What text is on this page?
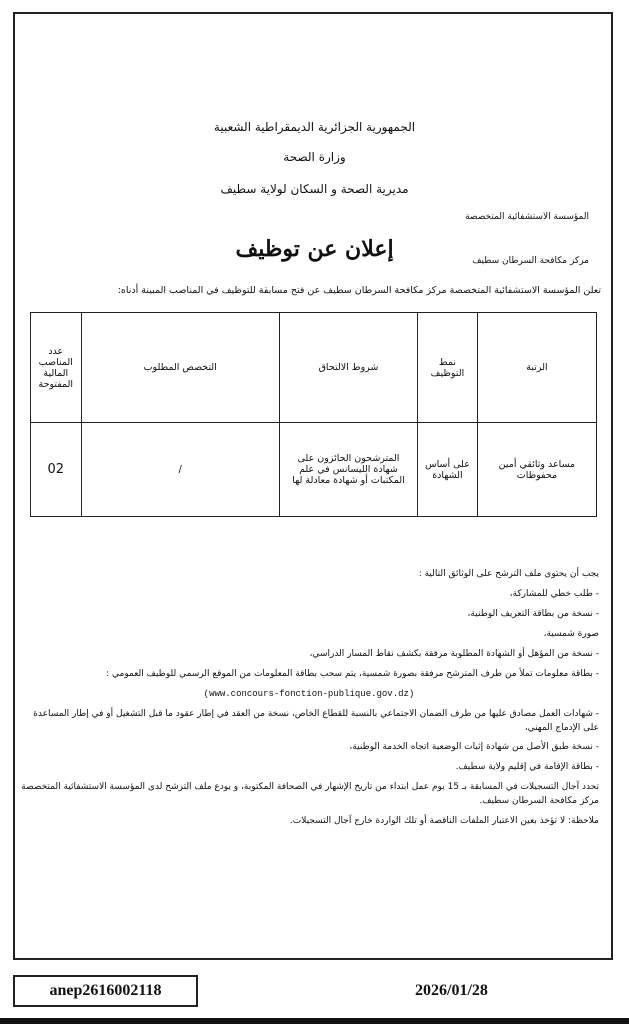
الجمهورية الجزائرية الديمقراطية الشعبية
وزارة الصحة
مديرية الصحة و السكان لولاية سطيف
المؤسسة الاستشفائية المتخصصة
مركز مكافحة السرطان سطيف
إعلان عن توظيف
تعلن المؤسسة الاستشفائية المتخصصة مركز مكافحة السرطان سطيف عن فتح مسابقة للتوظيف في المناصب المبينة أدناه:
الرتبة	نمط التوظيف	شروط الالتحاق	التخصص المطلوب	عدد المناصب المالية المفتوحة
مساعد وثائقي أمين محفوظات	على أساس الشهادة	المترشحون الحائزون على شهادة الليسانس في علم المكتبات أو شهادة معادلة لها	/	02
يجب أن يحتوي ملف الترشح على الوثائق التالية :
- طلب خطي للمشاركة،
- نسخة من بطاقة التعريف الوطنية،
صورة شمسية،
- نسخة من المؤهل أو الشهادة المطلوبة مرفقة بكشف نقاط المسار الدراسي،
- بطاقة معلومات تملأ من طرف المترشح مرفقة بصورة شمسية، يتم سحب بطاقة المعلومات من الموقع الرسمي للوظيف العمومي :
(www.concours-fonction-publique.gov.dz)
- شهادات العمل مصادق عليها من طرف الضمان الاجتماعي بالنسبة للقطاع الخاص، نسخة من العقد في إطار عقود ما قبل التشغيل أو في إطار المساعدة على الإدماج المهني،
- نسخة طبق الأصل من شهادة إثبات الوضعية اتجاه الخدمة الوطنية،
- بطاقة الإقامة في إقليم ولاية سطيف.
تحدد آجال التسجيلات في المسابقة بـ 15 يوم عمل ابتداء من تاريخ الإشهار في الصحافة المكتوبة، و يودع ملف الترشح لدى المؤسسة الاستشفائية المتخصصة مركز مكافحة السرطان سطيف.
ملاحظة: لا تؤخذ بعين الاعتبار الملفات الناقصة أو تلك الواردة خارج آجال التسجيلات.
anep2616002118	2026/01/28
